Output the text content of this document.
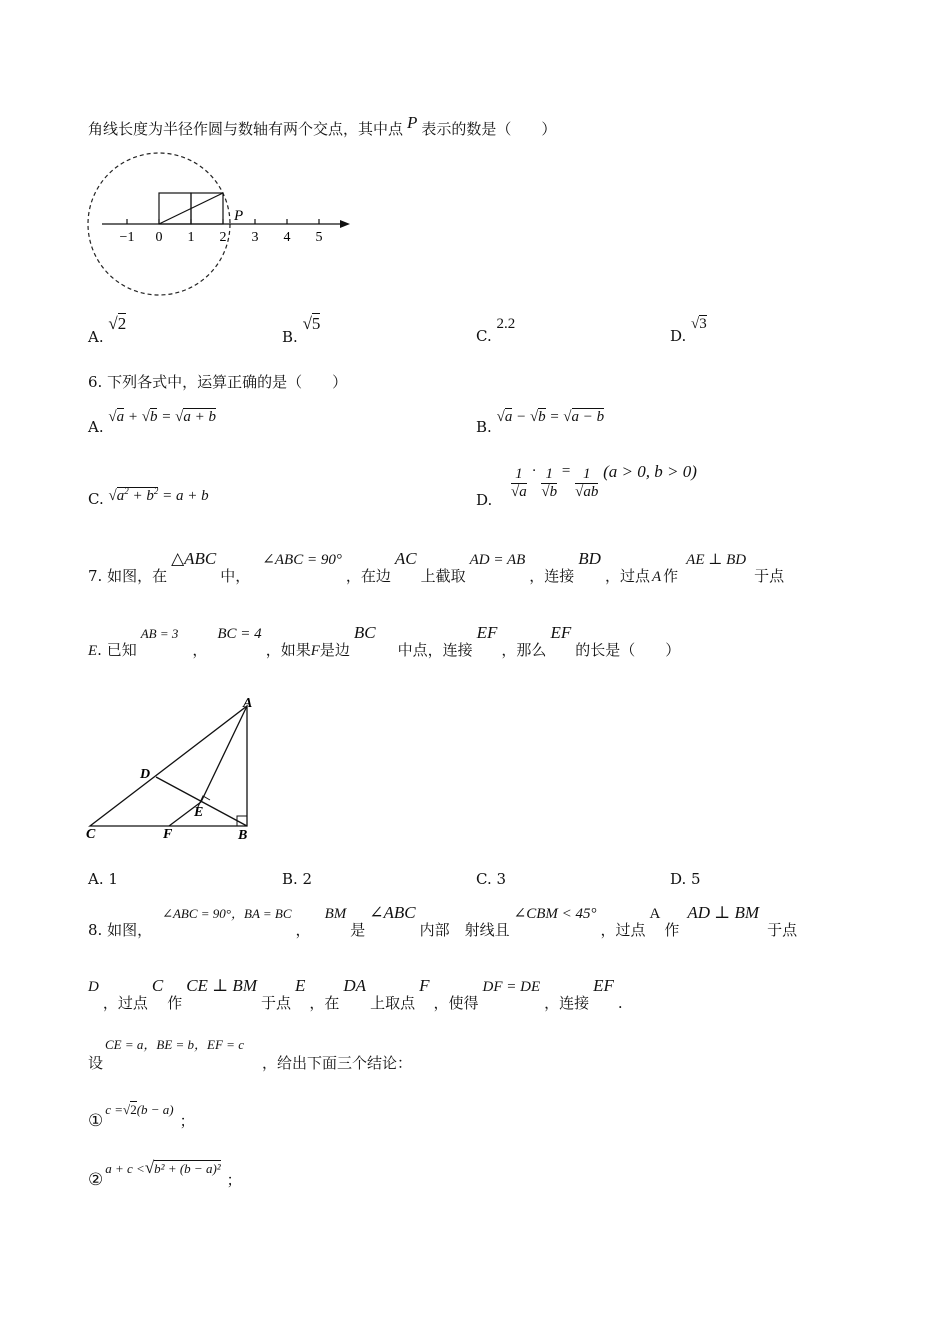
角线长度为半径作圆与数轴有两个交点，其中点 P 表示的数是（　　）
−1 0 1 2 3 4 5
P
A. √2
B. √5
C. 2.2
D. √3
6. 下列各式中，运算正确的是（　　）
A. √a + √b = √a + b
B. √a − √b = √a − b
C. $√a^2 + b^2 = a + b$	D. $\frac{1}{√a} \cdot \frac{1}{√b} = \frac{1}{√ab} (a > 0$, b > 0)
7. 如图，在△ABC中，∠ABC = 90°，在边AC上截取AD = AB，连接BD，过点 A 作AE ⊥ BD于点
E. 已知AB = 3，BC = 4，如果F是边BC中点，连接EF，那么EF的长是（　　）
A
D
E
C	F	B
A. 1	B. 2	C. 3	D. 5
8. 如图，∠ABC = 90°，BA = BC，BM是∠ABC内部　射线且∠CBM < 45°，过点A作AD ⊥ BM于点
D，过点C作CE ⊥ BM于点E，在DA上取点F，使得DF = DE，连接EF.
设CE = a，BE = b，EF = c，给出下面三个结论：
①c =√2(b − a)；
②a + c <√b² + (b − a)²；
